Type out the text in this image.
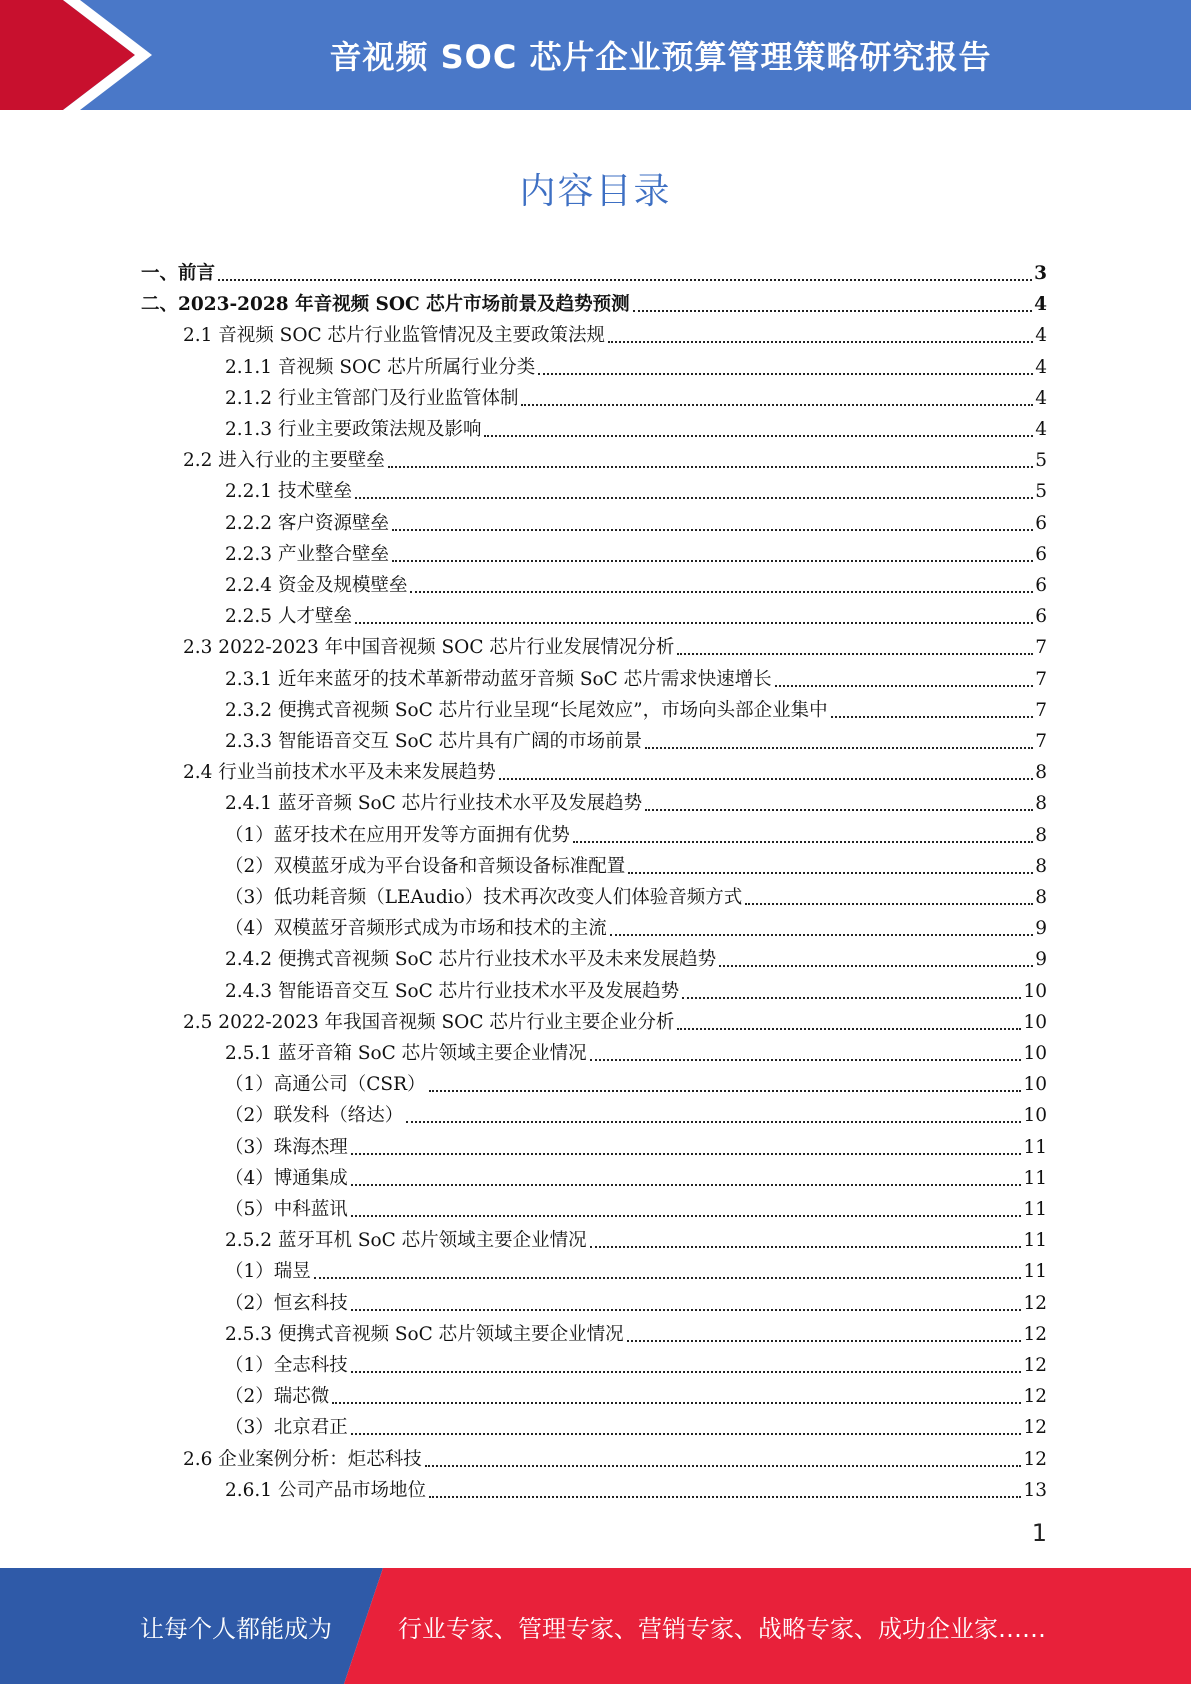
音视频 SOC 芯片企业预算管理策略研究报告
内容目录
一、前言	3
二、2023-2028 年音视频 SOC 芯片市场前景及趋势预测	4
2.1 音视频 SOC 芯片行业监管情况及主要政策法规	4
2.1.1 音视频 SOC 芯片所属行业分类	4
2.1.2 行业主管部门及行业监管体制	4
2.1.3 行业主要政策法规及影响	4
2.2 进入行业的主要壁垒	5
2.2.1 技术壁垒	5
2.2.2 客户资源壁垒	6
2.2.3 产业整合壁垒	6
2.2.4 资金及规模壁垒	6
2.2.5 人才壁垒	6
2.3 2022-2023 年中国音视频 SOC 芯片行业发展情况分析	7
2.3.1 近年来蓝牙的技术革新带动蓝牙音频 SoC 芯片需求快速增长	7
2.3.2 便携式音视频 SoC 芯片行业呈现“长尾效应”，市场向头部企业集中	7
2.3.3 智能语音交互 SoC 芯片具有广阔的市场前景	7
2.4 行业当前技术水平及未来发展趋势	8
2.4.1 蓝牙音频 SoC 芯片行业技术水平及发展趋势	8
（1）蓝牙技术在应用开发等方面拥有优势	8
（2）双模蓝牙成为平台设备和音频设备标准配置	8
（3）低功耗音频（LEAudio）技术再次改变人们体验音频方式	8
（4）双模蓝牙音频形式成为市场和技术的主流	9
2.4.2 便携式音视频 SoC 芯片行业技术水平及未来发展趋势	9
2.4.3 智能语音交互 SoC 芯片行业技术水平及发展趋势	10
2.5 2022-2023 年我国音视频 SOC 芯片行业主要企业分析	10
2.5.1 蓝牙音箱 SoC 芯片领域主要企业情况	10
（1）高通公司（CSR）	10
（2）联发科（络达）	10
（3）珠海杰理	11
（4）博通集成	11
（5）中科蓝讯	11
2.5.2 蓝牙耳机 SoC 芯片领域主要企业情况	11
（1）瑞昱	11
（2）恒玄科技	12
2.5.3 便携式音视频 SoC 芯片领域主要企业情况	12
（1）全志科技	12
（2）瑞芯微	12
（3）北京君正	12
2.6 企业案例分析：炬芯科技	12
2.6.1 公司产品市场地位	13
1
让每个人都能成为	行业专家、管理专家、营销专家、战略专家、成功企业家……
